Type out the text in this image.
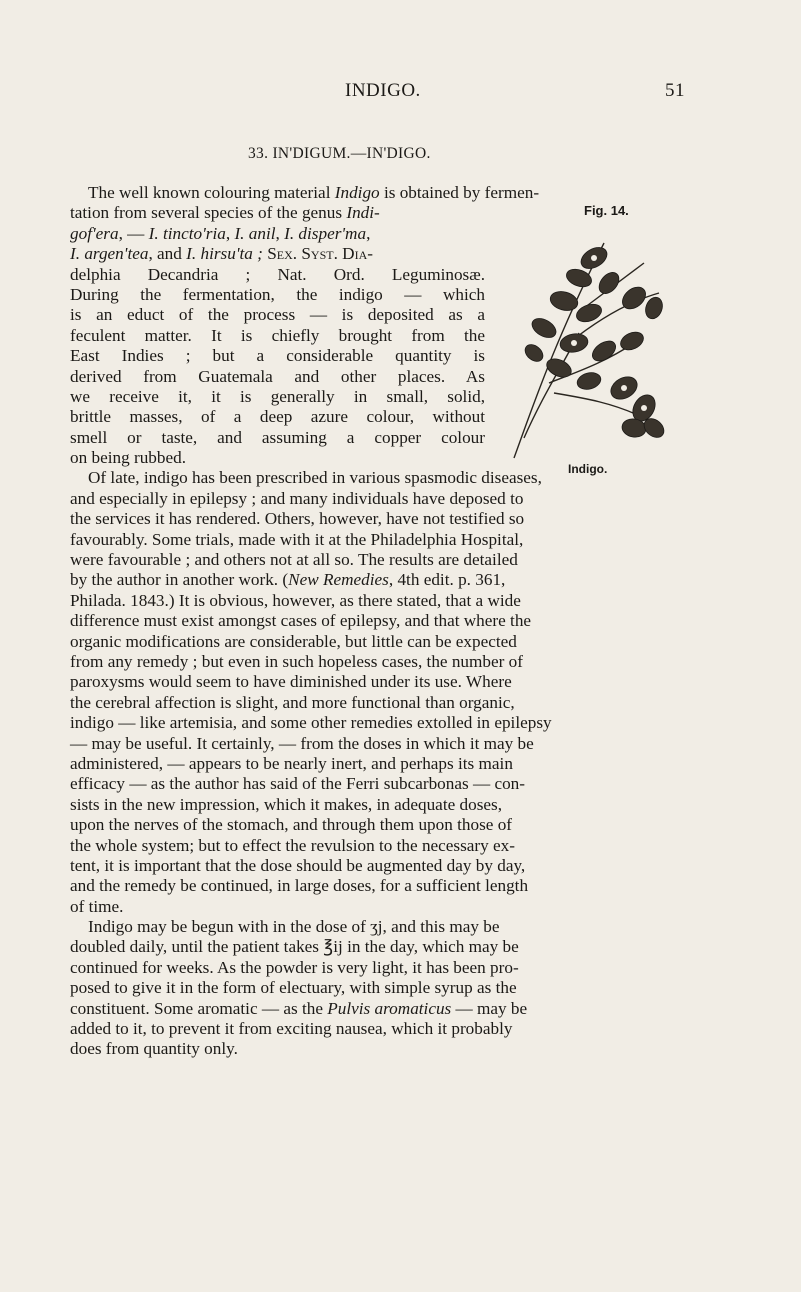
INDIGO.	51
33. IN'DIGUM.—IN'DIGO.
Fig. 14.
Indigo.
The well known colouring material Indigo is obtained by fermen-
tation from several species of the genus Indi-
gof'era, — I. tincto'ria, I. anil, I. disper'ma,
I. argen'tea, and I. hirsu'ta ; Sex. Syst. Dia-
delphia Decandria ; Nat. Ord. Leguminosæ.
During the fermentation, the indigo — which
is an educt of the process — is deposited as a
feculent matter. It is chiefly brought from the
East Indies ; but a considerable quantity is
derived from Guatemala and other places. As
we receive it, it is generally in small, solid,
brittle masses, of a deep azure colour, without
smell or taste, and assuming a copper colour
on being rubbed.
Of late, indigo has been prescribed in various spasmodic diseases,
and especially in epilepsy ; and many individuals have deposed to
the services it has rendered. Others, however, have not testified so
favourably. Some trials, made with it at the Philadelphia Hospital,
were favourable ; and others not at all so. The results are detailed
by the author in another work. (New Remedies, 4th edit. p. 361,
Philada. 1843.) It is obvious, however, as there stated, that a wide
difference must exist amongst cases of epilepsy, and that where the
organic modifications are considerable, but little can be expected
from any remedy ; but even in such hopeless cases, the number of
paroxysms would seem to have diminished under its use. Where
the cerebral affection is slight, and more functional than organic,
indigo — like artemisia, and some other remedies extolled in epilepsy
— may be useful. It certainly, — from the doses in which it may be
administered, — appears to be nearly inert, and perhaps its main
efficacy — as the author has said of the Ferri subcarbonas — con-
sists in the new impression, which it makes, in adequate doses,
upon the nerves of the stomach, and through them upon those of
the whole system; but to effect the revulsion to the necessary ex-
tent, it is important that the dose should be augmented day by day,
and the remedy be continued, in large doses, for a sufficient length
of time.
Indigo may be begun with in the dose of ʒj, and this may be
doubled daily, until the patient takes ℥ij in the day, which may be
continued for weeks. As the powder is very light, it has been pro-
posed to give it in the form of electuary, with simple syrup as the
constituent. Some aromatic — as the Pulvis aromaticus — may be
added to it, to prevent it from exciting nausea, which it probably
does from quantity only.
